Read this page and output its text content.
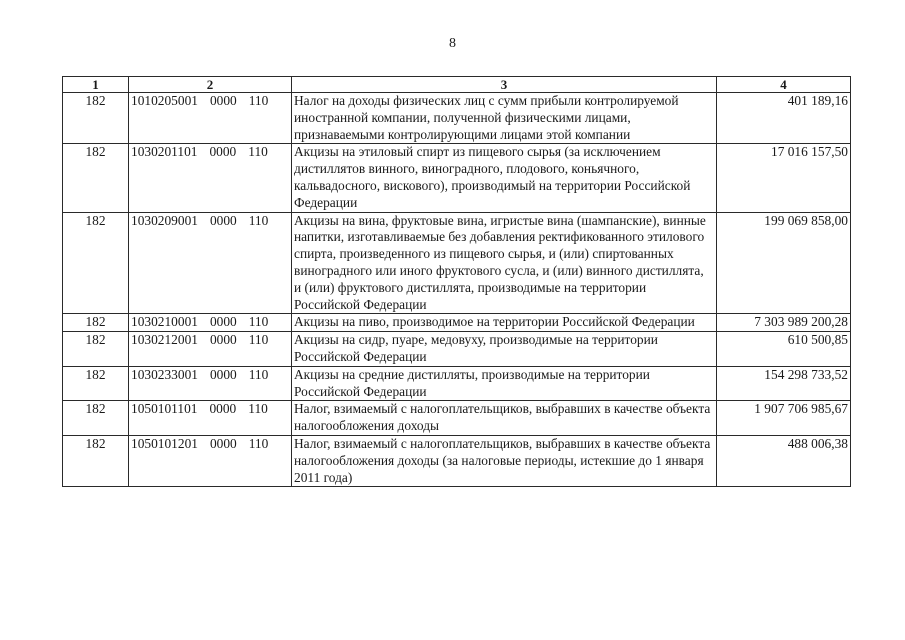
8
1	2	3	4
182	1010205001 0000 110	Налог на доходы физических лиц с сумм прибыли контролируемой иностранной компании, полученной физическими лицами, признаваемыми контролирующими лицами этой компании	401 189,16
182	1030201101 0000 110	Акцизы на этиловый спирт из пищевого сырья (за исключением дистиллятов винного, виноградного, плодового, коньячного, кальвадосного, вискового), производимый на территории Российской Федерации	17 016 157,50
182	1030209001 0000 110	Акцизы на вина, фруктовые вина, игристые вина (шампанские), винные напитки, изготавливаемые без добавления ректификованного этилового спирта, произведенного из пищевого сырья, и (или) спиртованных виноградного или иного фруктового сусла, и (или) винного дистиллята, и (или) фруктового дистиллята, производимые на территории Российской Федерации	199 069 858,00
182	1030210001 0000 110	Акцизы на пиво, производимое на территории Российской Федерации	7 303 989 200,28
182	1030212001 0000 110	Акцизы на сидр, пуаре, медовуху, производимые на территории Российской Федерации	610 500,85
182	1030233001 0000 110	Акцизы на средние дистилляты, производимые на территории Российской Федерации	154 298 733,52
182	1050101101 0000 110	Налог, взимаемый с налогоплательщиков, выбравших в качестве объекта налогообложения доходы	1 907 706 985,67
182	1050101201 0000 110	Налог, взимаемый с налогоплательщиков, выбравших в качестве объекта налогообложения доходы (за налоговые периоды, истекшие до 1 января 2011 года)	488 006,38
